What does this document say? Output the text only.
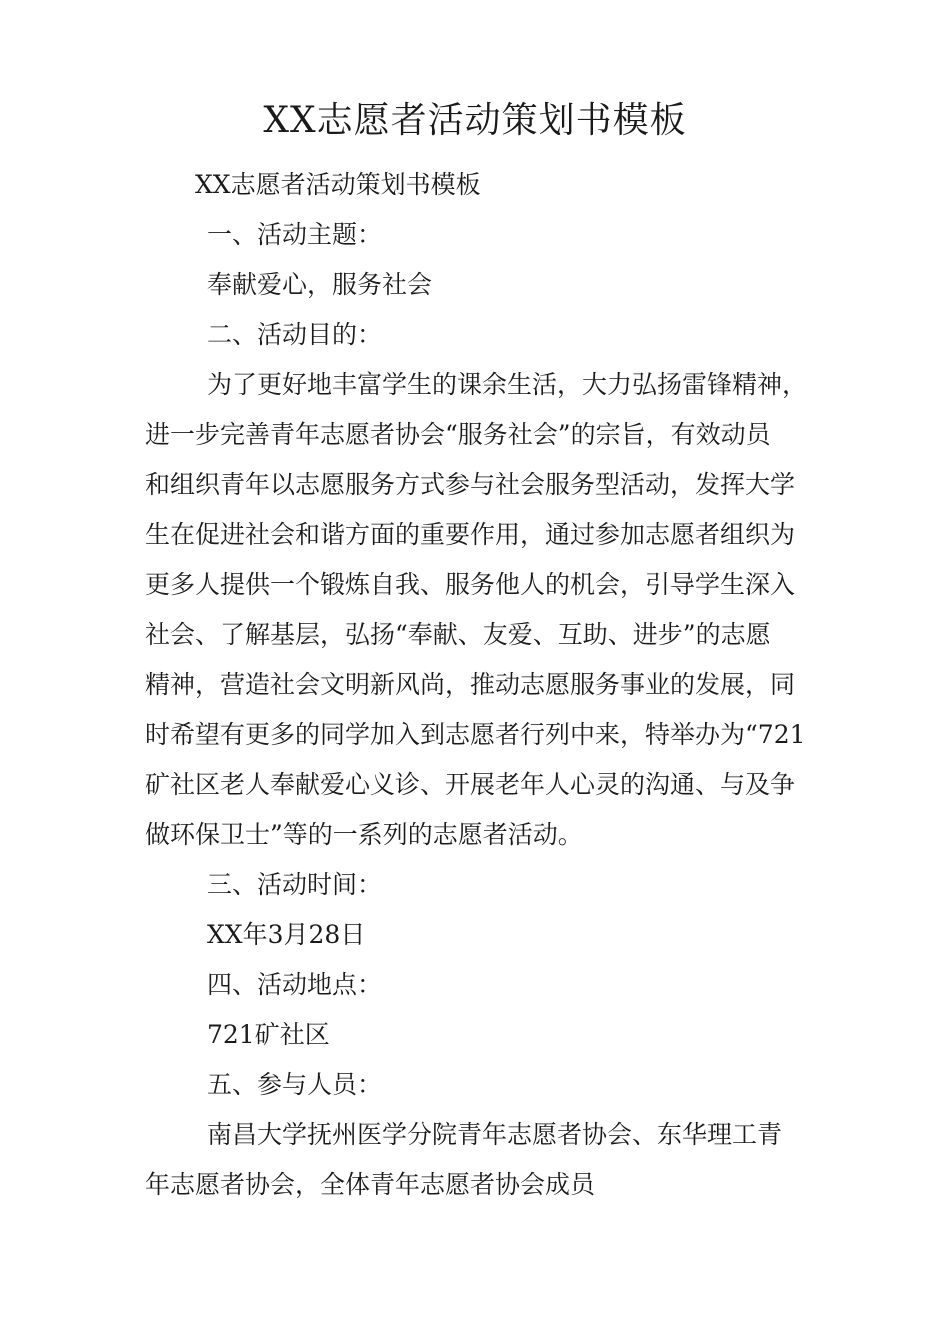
XX志愿者活动策划书模板
XX志愿者活动策划书模板
一、活动主题：
奉献爱心，服务社会
二、活动目的：
为了更好地丰富学生的课余生活，大力弘扬雷锋精神，
进一步完善青年志愿者协会“服务社会”的宗旨，有效动员
和组织青年以志愿服务方式参与社会服务型活动，发挥大学
生在促进社会和谐方面的重要作用，通过参加志愿者组织为
更多人提供一个锻炼自我、服务他人的机会，引导学生深入
社会、了解基层，弘扬“奉献、友爱、互助、进步”的志愿
精神，营造社会文明新风尚，推动志愿服务事业的发展，同
时希望有更多的同学加入到志愿者行列中来，特举办为“721
矿社区老人奉献爱心义诊、开展老年人心灵的沟通、与及争
做环保卫士”等的一系列的志愿者活动。
三、活动时间：
XX年3月28日
四、活动地点：
721矿社区
五、参与人员：
南昌大学抚州医学分院青年志愿者协会、东华理工青
年志愿者协会，全体青年志愿者协会成员
